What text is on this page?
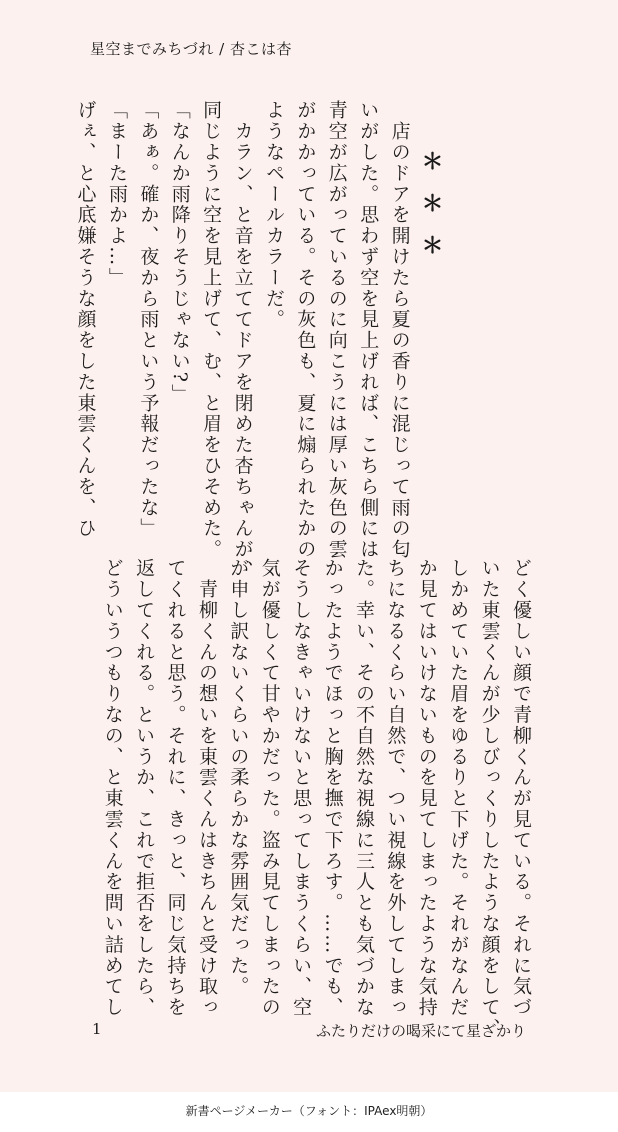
星空までみちづれ / 杏こは杏
＊＊＊
　店のドアを開けたら夏の香りに混じって雨の匂
いがした。思わず空を見上げれば、こちら側には
青空が広がっているのに向こうには厚い灰色の雲
がかかっている。その灰色も、夏に煽られたかの
ようなペールカラーだ。
　カラン、と音を立ててドアを閉めた杏ちゃんが、
同じように空を見上げて、む、と眉をひそめた。
「なんか雨降りそうじゃない?」
「あぁ。確か、夜から雨という予報だったな」
「まーた雨かよ…」
げぇ、と心底嫌そうな顔をした東雲くんを、ひ
どく優しい顔で青柳くんが見ている。それに気づ
いた東雲くんが少しびっくりしたような顔をして、
しかめていた眉をゆるりと下げた。それがなんだ
か見てはいけないものを見てしまったような気持
ちになるくらい自然で、つい視線を外してしまっ
た。幸い、その不自然な視線に三人とも気づかな
かったようでほっと胸を撫で下ろす。……でも、
そうしなきゃいけないと思ってしまうくらい、空
気が優しくて甘やかだった。盗み見てしまったの
が申し訳ないくらいの柔らかな雰囲気だった。
　青柳くんの想いを東雲くんはきちんと受け取っ
てくれると思う。それに、きっと、同じ気持ちを
返してくれる。というか、これで拒否をしたら、
どういうつもりなの、と東雲くんを問い詰めてし
1	ふたりだけの喝采にて星ざかり
新書ページメーカー（フォント：IPAex明朝）
